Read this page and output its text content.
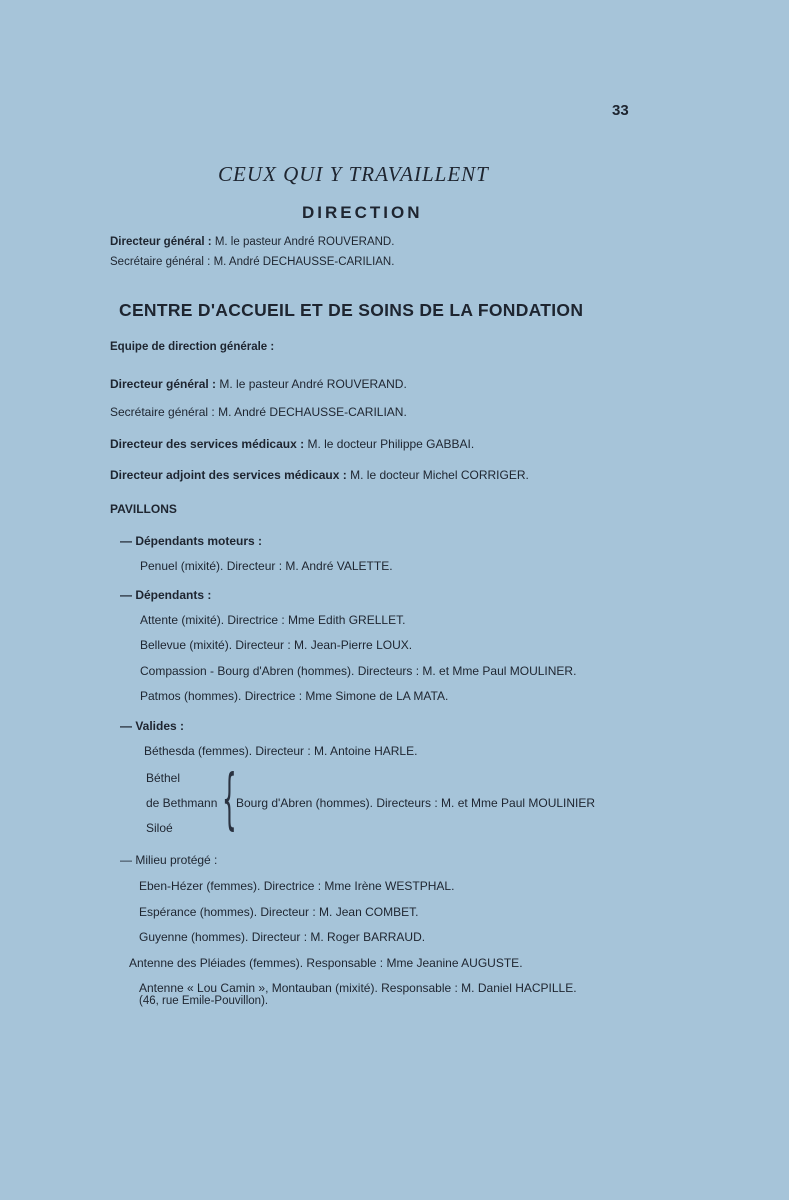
33
CEUX QUI Y TRAVAILLENT
DIRECTION
Directeur général : M. le pasteur André ROUVERAND.
Secrétaire général : M. André DECHAUSSE-CARILIAN.
CENTRE D'ACCUEIL ET DE SOINS DE LA FONDATION
Equipe de direction générale :
Directeur général : M. le pasteur André ROUVERAND.
Secrétaire général : M. André DECHAUSSE-CARILIAN.
Directeur des services médicaux : M. le docteur Philippe GABBAI.
Directeur adjoint des services médicaux : M. le docteur Michel CORRIGER.
PAVILLONS
— Dépendants moteurs :
Penuel (mixité). Directeur : M. André VALETTE.
— Dépendants :
Attente (mixité). Directrice : Mme Edith GRELLET.
Bellevue (mixité). Directeur : M. Jean-Pierre LOUX.
Compassion - Bourg d'Abren (hommes). Directeurs : M. et Mme Paul MOULINER.
Patmos (hommes). Directrice : Mme Simone de LA MATA.
— Valides :
Béthesda (femmes). Directeur : M. Antoine HARLE.
Béthel
de Bethmann
Siloé { Bourg d'Abren (hommes). Directeurs : M. et Mme Paul MOULINIER
— Milieu protégé :
Eben-Hézer (femmes). Directrice : Mme Irène WESTPHAL.
Espérance (hommes). Directeur : M. Jean COMBET.
Guyenne (hommes). Directeur : M. Roger BARRAUD.
Antenne des Pléiades (femmes). Responsable : Mme Jeanine AUGUSTE.
Antenne « Lou Camin », Montauban (mixité). Responsable : M. Daniel HACPILLE.
(46, rue Emile-Pouvillon).
